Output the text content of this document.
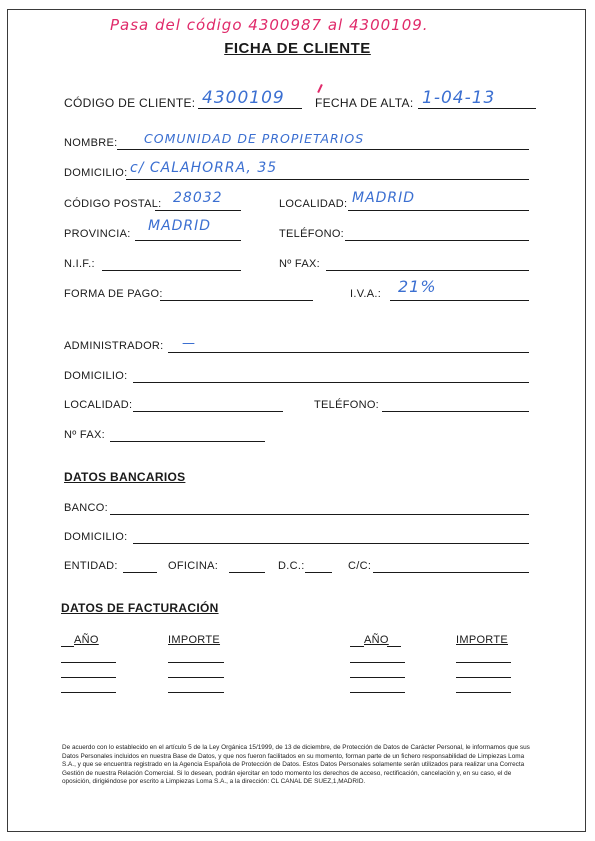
Pasa del código 4300987 al 4300109.
FICHA DE CLIENTE
CÓDIGO DE CLIENTE: 4300109	FECHA DE ALTA: 1-04-13
NOMBRE: COMUNIDAD DE PROPIETARIOS
DOMICILIO: c/ CALAHORRA, 35
CÓDIGO POSTAL: 28032	LOCALIDAD: MADRID
PROVINCIA: MADRID	TELÉFONO:
N.I.F.:	Nº FAX:
FORMA DE PAGO:	I.V.A.: 21%
ADMINISTRADOR: —
DOMICILIO:
LOCALIDAD:	TELÉFONO:
Nº FAX:
DATOS BANCARIOS
BANCO:
DOMICILIO:
ENTIDAD:	OFICINA:	D.C.:	C/C:
DATOS DE FACTURACIÓN
AÑO	IMPORTE	AÑO	IMPORTE
De acuerdo con lo establecido en el artículo 5 de la Ley Orgánica 15/1999, de 13 de diciembre, de Protección de Datos de Carácter Personal, le informamos que sus Datos Personales incluidos en nuestra Base de Datos, y que nos fueron facilitados en su momento, forman parte de un fichero responsabilidad de Limpiezas Loma S.A., y que se encuentra registrado en la Agencia Española de Protección de Datos. Estos Datos Personales solamente serán utilizados para realizar una Correcta Gestión de nuestra Relación Comercial. Si lo desean, podrán ejercitar en todo momento los derechos de acceso, rectificación, cancelación y, en su caso, el de oposición, dirigiéndose por escrito a Limpiezas Loma S.A., a la dirección: CL CANAL DE SUEZ,1,MADRID.
